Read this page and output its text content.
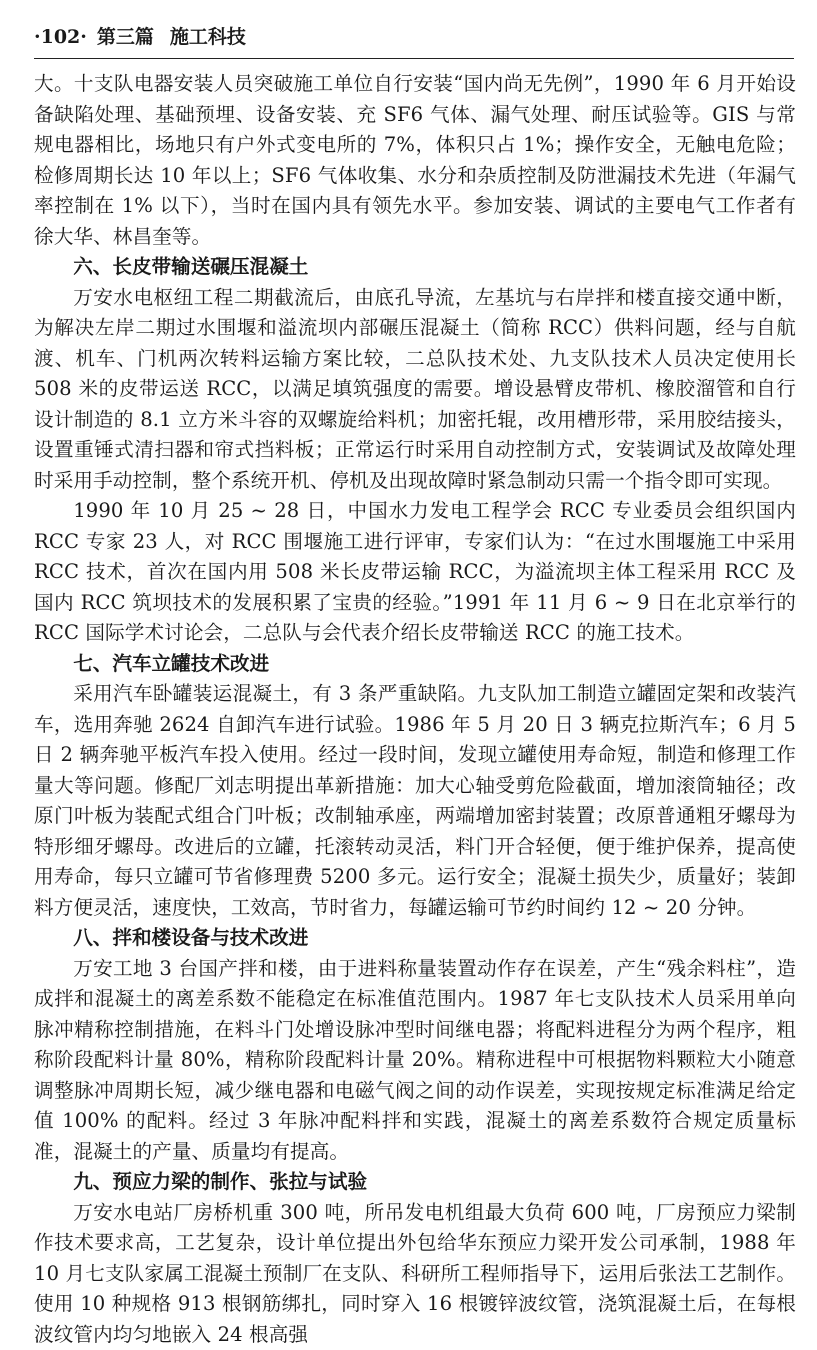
·102· 第三篇 施工科技

大。十支队电器安装人员突破施工单位自行安装“国内尚无先例”，1990 年 6 月开始设备缺陷处理、基础预埋、设备安装、充 SF6 气体、漏气处理、耐压试验等。GIS 与常规电器相比，场地只有户外式变电所的 7%，体积只占 1%；操作安全，无触电危险；检修周期长达 10 年以上；SF6 气体收集、水分和杂质控制及防泄漏技术先进（年漏气率控制在 1% 以下），当时在国内具有领先水平。参加安装、调试的主要电气工作者有徐大华、林昌奎等。

六、长皮带输送碾压混凝土

万安水电枢纽工程二期截流后，由底孔导流，左基坑与右岸拌和楼直接交通中断，为解决左岸二期过水围堰和溢流坝内部碾压混凝土（简称 RCC）供料问题，经与自航渡、机车、门机两次转料运输方案比较，二总队技术处、九支队技术人员决定使用长 508 米的皮带运送 RCC，以满足填筑强度的需要。增设悬臂皮带机、橡胶溜管和自行设计制造的 8.1 立方米斗容的双螺旋给料机；加密托辊，改用槽形带，采用胶结接头，设置重锤式清扫器和帘式挡料板；正常运行时采用自动控制方式，安装调试及故障处理时采用手动控制，整个系统开机、停机及出现故障时紧急制动只需一个指令即可实现。

1990 年 10 月 25 ~ 28 日，中国水力发电工程学会 RCC 专业委员会组织国内 RCC 专家 23 人，对 RCC 围堰施工进行评审，专家们认为：“在过水围堰施工中采用 RCC 技术，首次在国内用 508 米长皮带运输 RCC，为溢流坝主体工程采用 RCC 及国内 RCC 筑坝技术的发展积累了宝贵的经验。”1991 年 11 月 6 ~ 9 日在北京举行的 RCC 国际学术讨论会，二总队与会代表介绍长皮带输送 RCC 的施工技术。

七、汽车立罐技术改进

采用汽车卧罐装运混凝土，有 3 条严重缺陷。九支队加工制造立罐固定架和改装汽车，选用奔驰 2624 自卸汽车进行试验。1986 年 5 月 20 日 3 辆克拉斯汽车；6 月 5 日 2 辆奔驰平板汽车投入使用。经过一段时间，发现立罐使用寿命短，制造和修理工作量大等问题。修配厂刘志明提出革新措施：加大心轴受剪危险截面，增加滚筒轴径；改原门叶板为装配式组合门叶板；改制轴承座，两端增加密封装置；改原普通粗牙螺母为特形细牙螺母。改进后的立罐，托滚转动灵活，料门开合轻便，便于维护保养，提高使用寿命，每只立罐可节省修理费 5200 多元。运行安全；混凝土损失少，质量好；装卸料方便灵活，速度快，工效高，节时省力，每罐运输可节约时间约 12 ~ 20 分钟。

八、拌和楼设备与技术改进

万安工地 3 台国产拌和楼，由于进料称量装置动作存在误差，产生“残余料柱”，造成拌和混凝土的离差系数不能稳定在标准值范围内。1987 年七支队技术人员采用单向脉冲精称控制措施，在料斗门处增设脉冲型时间继电器；将配料进程分为两个程序，粗称阶段配料计量 80%，精称阶段配料计量 20%。精称进程中可根据物料颗粒大小随意调整脉冲周期长短，减少继电器和电磁气阀之间的动作误差，实现按规定标准满足给定值 100% 的配料。经过 3 年脉冲配料拌和实践，混凝土的离差系数符合规定质量标准，混凝土的产量、质量均有提高。

九、预应力梁的制作、张拉与试验

万安水电站厂房桥机重 300 吨，所吊发电机组最大负荷 600 吨，厂房预应力梁制作技术要求高，工艺复杂，设计单位提出外包给华东预应力梁开发公司承制，1988 年 10 月七支队家属工混凝土预制厂在支队、科研所工程师指导下，运用后张法工艺制作。使用 10 种规格 913 根钢筋绑扎，同时穿入 16 根镀锌波纹管，浇筑混凝土后，在每根波纹管内均匀地嵌入 24 根高强
